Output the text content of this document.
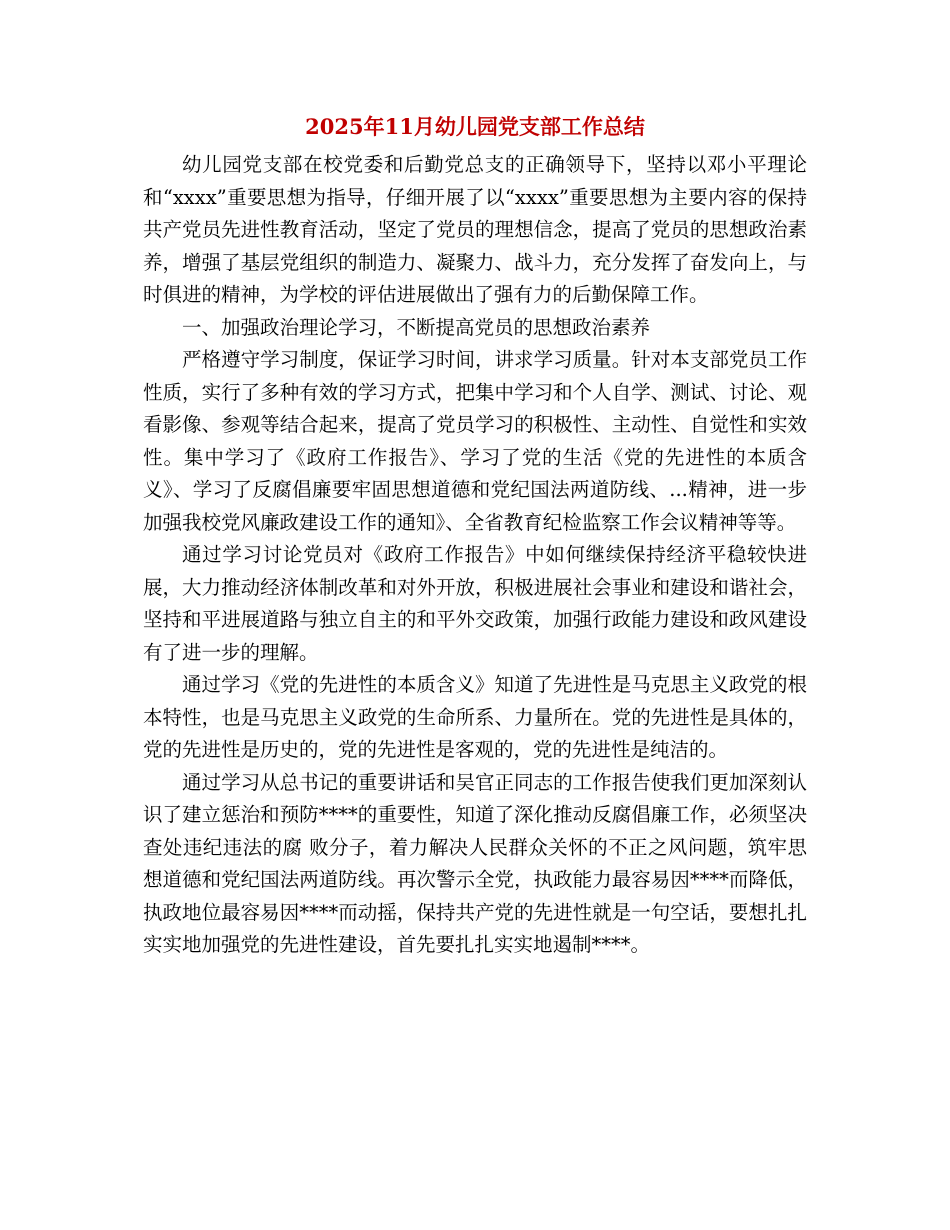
2025年11月幼儿园党支部工作总结

幼儿园党支部在校党委和后勤党总支的正确领导下，坚持以邓小平理论和“xxxx”重要思想为指导，仔细开展了以“xxxx”重要思想为主要内容的保持共产党员先进性教育活动，坚定了党员的理想信念，提高了党员的思想政治素养，增强了基层党组织的制造力、凝聚力、战斗力，充分发挥了奋发向上，与时俱进的精神，为学校的评估进展做出了强有力的后勤保障工作。

一、加强政治理论学习，不断提高党员的思想政治素养

严格遵守学习制度，保证学习时间，讲求学习质量。针对本支部党员工作性质，实行了多种有效的学习方式，把集中学习和个人自学、测试、讨论、观看影像、参观等结合起来，提高了党员学习的积极性、主动性、自觉性和实效性。集中学习了《政府工作报告》、学习了党的生活《党的先进性的本质含义》、学习了反腐倡廉要牢固思想道德和党纪国法两道防线、...精神，进一步加强我校党风廉政建设工作的通知》、全省教育纪检监察工作会议精神等等。

通过学习讨论党员对《政府工作报告》中如何继续保持经济平稳较快进展，大力推动经济体制改革和对外开放，积极进展社会事业和建设和谐社会，坚持和平进展道路与独立自主的和平外交政策，加强行政能力建设和政风建设有了进一步的理解。

通过学习《党的先进性的本质含义》知道了先进性是马克思主义政党的根本特性，也是马克思主义政党的生命所系、力量所在。党的先进性是具体的，党的先进性是历史的，党的先进性是客观的，党的先进性是纯洁的。

通过学习从总书记的重要讲话和吴官正同志的工作报告使我们更加深刻认识了建立惩治和预防****的重要性，知道了深化推动反腐倡廉工作，必须坚决查处违纪违法的腐 败分子，着力解决人民群众关怀的不正之风问题，筑牢思想道德和党纪国法两道防线。再次警示全党，执政能力最容易因****而降低，执政地位最容易因****而动摇，保持共产党的先进性就是一句空话，要想扎扎实实地加强党的先进性建设，首先要扎扎实实地遏制****。
